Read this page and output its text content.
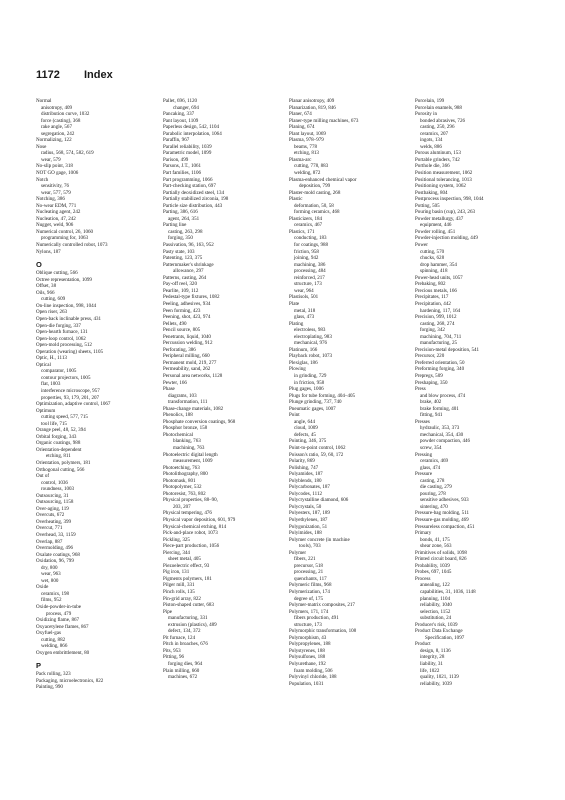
1172	Index
Normal
anisotropy, 409
distribution curve, 1032
force (casting), 368
rake angle, 567
segregation, 242
Normalizing, 122
Nose
radius, 568, 574, 582, 619
wear, 579
No-slip point, 318
NOT GO gage, 1006
Notch
sensitivity, 76
wear, 577, 579
Notching, 386
No-wear EDM, 771
Nucleating agent, 242
Nucleation, 47, 242
Nugget, weld, 906
Numerical control, 26, 1060
programming for, 1063
Numerically controlled robot, 1073
Nylons, 187
O
Oblique cutting, 566
Octree representation, 1099
Offset, 38
Oils, 966
cutting, 609
On-line inspection, 998, 1044
Open riser, 263
Open-back inclinable press, 431
Open-die forging, 337
Open-hearth furnace, 131
Open-loop control, 1062
Open-mold processing, 512
Operation (wearing) sheets, 1105
Optic, H., 1113
Optical
comparator, 1005
contour projectors, 1005
flat, 1003
interference microscope, 957
properties, 93, 179, 201, 207
Optimization, adaptive control, 1067
Optimum
cutting speed, 577, 715
tool life, 715
Orange peel, 48, 52, 394
Orbital forging, 343
Organic coatings, 988
Orientation-dependent
etching, 811
Orientation, polymers, 181
Orthogonal cutting, 566
Out of
control, 1036
roundness, 1003
Outsourcing, 31
Outsourcing, 1158
Over-aging, 119
Overcuts, 672
Overheating, 399
Overcut, 771
Overhead, 33, 1159
Overlap, 887
Overmolding, 496
Oxalate coatings, 968
Oxidation, 96, 799
dry, 800
wear, 963
wet, 800
Oxide
ceramics, 198
films, 952
Oxide-powder-in-tube
process, 479
Oxidizing flame, 867
Oxyacetylene flames, 867
Oxyfuel-gas
cutting, 882
welding, 866
Oxygen embrittlement, 80
P
Pack rolling, 323
Packaging, microelectronics, 822
Painting, 990
Pallet, 696, 1120
changer, 694
Pancaking, 337
Pant layout, 1109
Paperless design, 542, 1104
Parabolic interpolation, 1064
Paraffin, 967
Parallel reliability, 1039
Parametric model, 1099
Parison, 499
Parsons, J.T., 1061
Part families, 1106
Part programming, 1066
Part-checking station, 697
Partially deoxidized steel, 134
Partially stabilized zirconia, 198
Particle size distribution, 443
Parting, 386, 616
agent, 264, 351
Parting line
casting, 263, 298
forging, 350
Passivation, 96, 163, 952
Pasty state, 103
Patenting, 123, 375
Patternmaker's shrinkage
allowance, 297
Patterns, casting, 264
Pay-off reel, 320
Pearlite, 109, 112
Pedestal-type fixtures, 1082
Peeling, adhesives, 934
Peen forming, 423
Peening, shot, 423, 974
Pellets, 490
Pencil source, 805
Penetrants, liquid, 1040
Percussion welding, 912
Perforating, 386
Peripheral milling, 660
Permanent mold, 219, 277
Permeability, sand, 262
Personal area networks, 1128
Pewter, 166
Phase
diagrams, 103
transformation, 111
Phase-change materials, 1082
Phenolics, 188
Phosphate conversion coatings, 968
Phosphor bronze, 158
Photochemical
blanking, 763
machining, 763
Photoelectric digital length
measurement, 1009
Photoetching, 763
Photolithography, 800
Photomask, 801
Photopolymer, 532
Photoresist, 763, 802
Physical properties, 88–90,
203, 207
Physical tempering, 476
Physical vapor deposition, 601, 979
Physical-chemical etching, 814
Pick-and-place robot, 1073
Pickling, 325
Piece-part production, 1056
Piercing, 344
sheet metal, 405
Piezoelectric effect, 93
Pig iron, 131
Pigments polymers, 181
Pilger mill, 331
Pinch rolls, 135
Pin-grid array, 822
Piston-shaped cutter, 683
Pipe
manufacturing, 331
extrusion (plastics), 489
defect, 134, 372
Pit furnace, 124
Pitch in broaches, 676
Pits, 953
Pitting, 96
forging dies, 964
Plain milling, 660
machines, 672
Planar anisotropy, 409
Planarization, 819, 846
Planer, 674
Planer-type milling machines, 673
Planing, 674
Plant layout, 1069
Plasma, 978–979
beams, 778
etching, 813
Plasma-arc
cutting, 778, 883
welding, 872
Plasma-enhanced chemical vapor
deposition, 799
Plaster-mold casting, 268
Plastic
deformation, 50, 58
forming ceramics, 468
Plasticizers, 184
ceramics, 467
Plastics, 171
conducting, 183
for coatings, 988
friction, 958
joining, 942
machining, 386
processing, 484
reinforced, 217
structure, 173
wear, 964
Plastisols, 501
Plate
metal, 318
glass, 473
Plating
electroless, 983
electroplating, 983
mechanical, 976
Platinum, 166
Playback robot, 1073
Plexiglas, 186
Plowing
in grinding, 729
in friction, 958
Plug gages, 1006
Plugs for tube forming, 404–405
Plunge grinding, 737, 740
Pneumatic gages, 1007
Point
angle, 644
cloud, 1009
defects, 45
Pointing, 346, 375
Point-to-point control, 1062
Poisson's ratio, 59, 60, 172
Polarity, 869
Polishing, 747
Polyamides, 187
Polyblends, 180
Polycarbonates, 187
Polycodes, 1112
Polycrystalline diamond, 606
Polycrystals, 50
Polyesters, 187, 189
Polyethylenes, 187
Polygonization, 51
Polyimides, 188
Polymer concrete (in machine
tools), 703
Polymer
fibers, 221
precursor, 518
processing, 21
quenchants, 117
Polymeric films, 968
Polymerization, 174
degree of, 175
Polymer-matrix composites, 217
Polymers, 171, 174
fibers production, 491
structure, 173
Polymorphic transformation, 108
Polymorphism, 43
Polypropylenes, 188
Polystyrenes, 188
Polysulfones, 188
Polyurethane, 192
foam molding, 506
Polyvinyl chloride, 188
Population, 1031
Porcelain, 199
Porcelain enamels, 988
Porosity in
bonded abrasives, 726
casting, 250, 296
ceramics, 207
ingots, 134
welds, 886
Porous aluminum, 153
Portable grinders, 742
Porthole die, 366
Position measurement, 1062
Positional tolerancing, 1013
Positioning system, 1062
Postbaking, 804
Postprocess inspection, 998, 1044
Potting, 505
Pouring basin (cup), 243, 263
Powder metallurgy, 437
equipment, 446
Powder rolling, 451
Powder-injection molding, 449
Power
cutting, 570
chucks, 628
drop hammer, 354
spinning, 418
Power-head units, 1057
Prebaking, 802
Precious metals, 166
Precipitates, 117
Precipitation, 442
hardening, 117, 164
Precision, 999, 1012
casting, 268, 274
forging, 342
machining, 704, 711
manufacturing, 25
Precision-metal deposition, 541
Precursor, 220
Preferred orientation, 50
Preforming forging, 340
Prepregs, 509
Preshaping, 350
Press
and blow process, 474
brake, 402
brake forming, 401
fitting, 941
Presses
hydraulic, 353, 373
mechanical, 354, 430
powder compaction, 446
screw, 354
Pressing
ceramics, 469
glass, 474
Pressure
casting, 278
die casting, 279
pouring, 278
sensitive adhesives, 933
sintering, 470
Pressure-bag molding, 511
Pressure-gas molding, 469
Pressureless compaction, 451
Primary
bonds, 41, 175
shear zone, 563
Primitives of solids, 1098
Printed circuit board, 826
Probability, 1039
Probes, 697, 1045
Process
annealing, 122
capabilities, 31, 1036, 1148
planning, 1104
reliability, 1040
selection, 1152
substitution, 24
Producer's risk, 1039
Product Data Exchange
Specification, 1097
Product
design, 8, 1136
integrity, 28
liability, 31
life, 1022
quality, 1021, 1139
reliability, 1039
